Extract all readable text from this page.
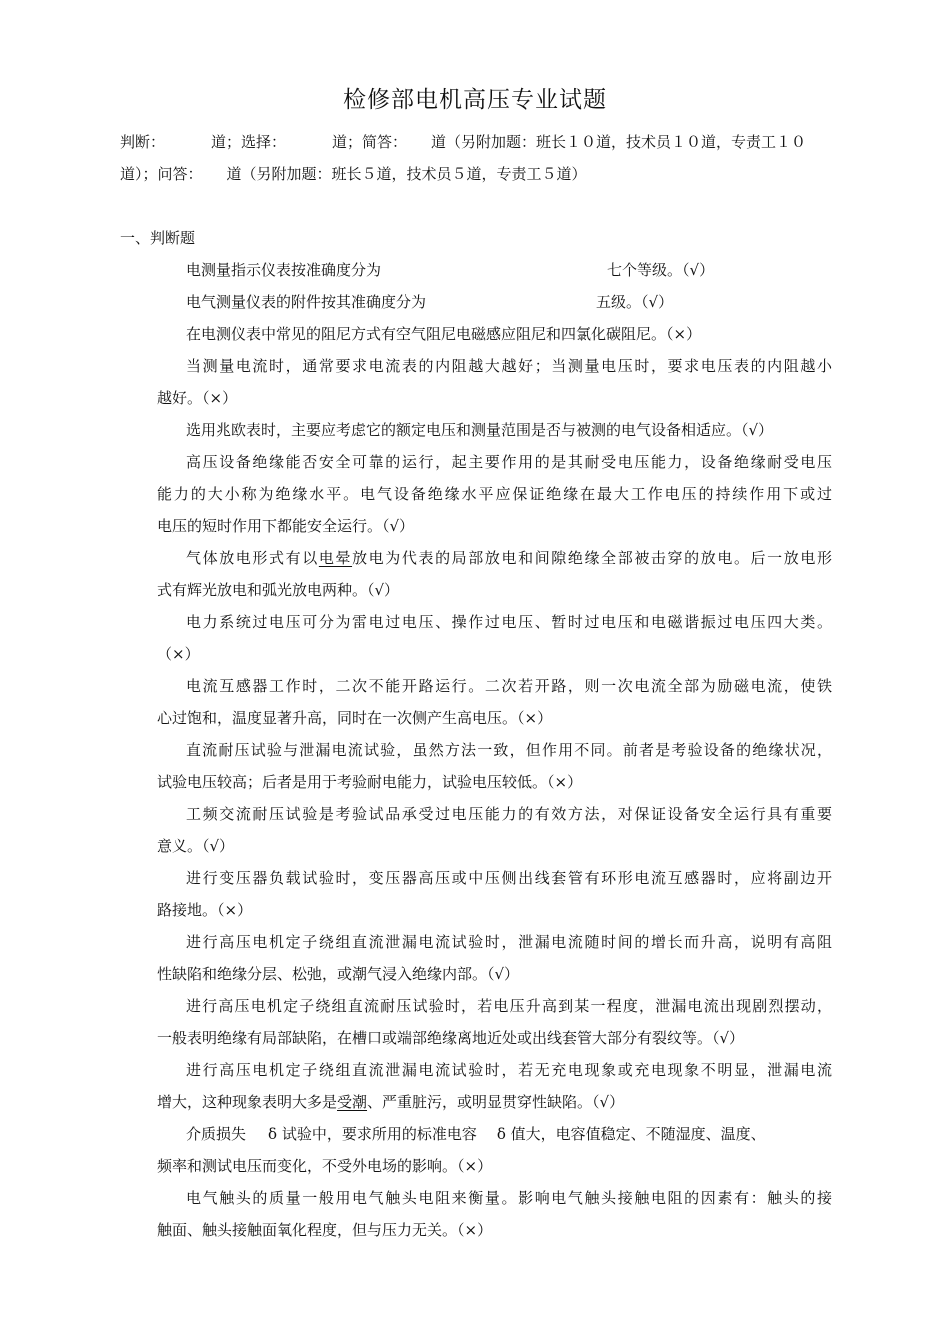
检修部电机高压专业试题
判断：	道；选择：	道；简答： 道（另附加题：班长１０道，技术员１０道，专责工１０
道）；问答： 道（另附加题：班长５道，技术员５道，专责工５道）
一、判断题
电测量指示仪表按准确度分为	七个等级。（√）
电气测量仪表的附件按其准确度分为	五级。（√）
在电测仪表中常见的阻尼方式有空气阻尼电磁感应阻尼和四氯化碳阻尼。（×）
当测量电流时，通常要求电流表的内阻越大越好；当测量电压时，要求电压表的内阻越小
越好。（×）
选用兆欧表时，主要应考虑它的额定电压和测量范围是否与被测的电气设备相适应。（√）
高压设备绝缘能否安全可靠的运行，起主要作用的是其耐受电压能力，设备绝缘耐受电压
能力的大小称为绝缘水平。电气设备绝缘水平应保证绝缘在最大工作电压的持续作用下或过
电压的短时作用下都能安全运行。（√）
气体放电形式有以电晕放电为代表的局部放电和间隙绝缘全部被击穿的放电。后一放电形
式有辉光放电和弧光放电两种。（√）
电力系统过电压可分为雷电过电压、操作过电压、暂时过电压和电磁谐振过电压四大类。
（×）
电流互感器工作时，二次不能开路运行。二次若开路，则一次电流全部为励磁电流，使铁
心过饱和，温度显著升高，同时在一次侧产生高电压。（×）
直流耐压试验与泄漏电流试验，虽然方法一致，但作用不同。前者是考验设备的绝缘状况，
试验电压较高；后者是用于考验耐电能力，试验电压较低。（×）
工频交流耐压试验是考验试品承受过电压能力的有效方法，对保证设备安全运行具有重要
意义。（√）
进行变压器负载试验时，变压器高压或中压侧出线套管有环形电流互感器时，应将副边开
路接地。（×）
进行高压电机定子绕组直流泄漏电流试验时，泄漏电流随时间的增长而升高，说明有高阻
性缺陷和绝缘分层、松弛，或潮气浸入绝缘内部。（√）
进行高压电机定子绕组直流耐压试验时，若电压升高到某一程度，泄漏电流出现剧烈摆动，
一般表明绝缘有局部缺陷，在槽口或端部绝缘离地近处或出线套管大部分有裂纹等。（√）
进行高压电机定子绕组直流泄漏电流试验时，若无充电现象或充电现象不明显，泄漏电流
增大，这种现象表明大多是受潮、严重脏污，或明显贯穿性缺陷。（√）
介质损失 δ 试验中，要求所用的标准电容 δ 值大，电容值稳定、不随湿度、温度、
频率和测试电压而变化，不受外电场的影响。（×）
电气触头的质量一般用电气触头电阻来衡量。影响电气触头接触电阻的因素有：触头的接
触面、触头接触面氧化程度，但与压力无关。（×）
